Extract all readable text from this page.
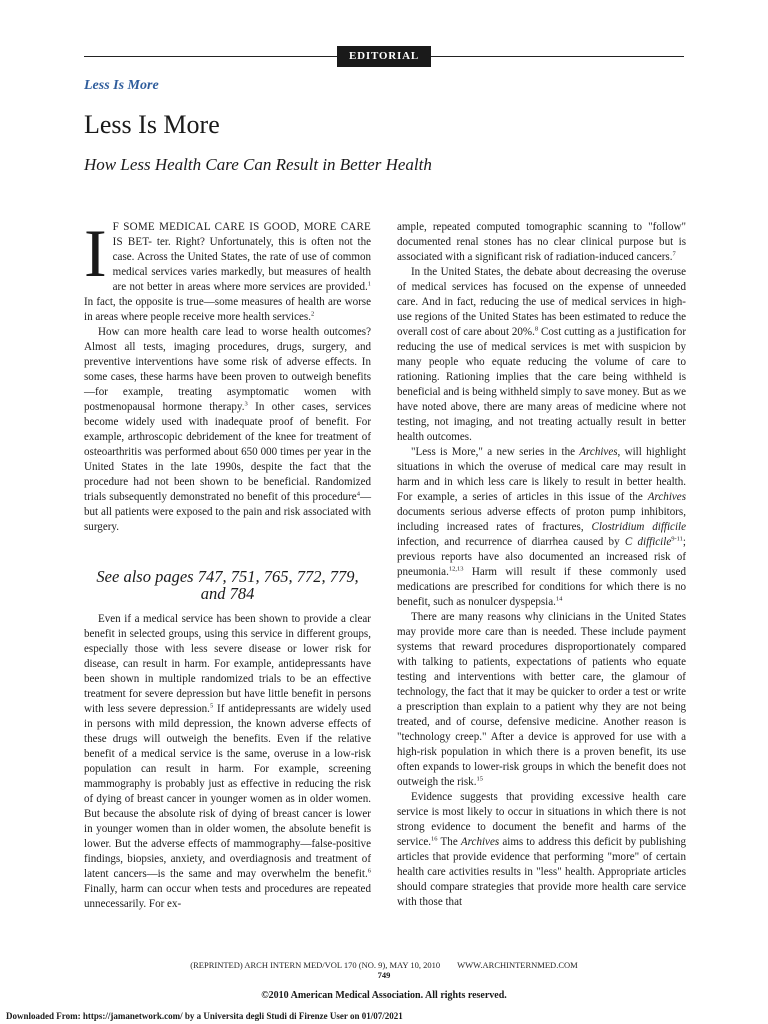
EDITORIAL
Less Is More
Less Is More
How Less Health Care Can Result in Better Health

I F SOME MEDICAL CARE IS GOOD, MORE CARE IS BET- ter. Right? Unfortunately, this is often not the case. Across the United States, the rate of use of common medical services varies markedly, but measures of health are not better in areas where more services are provided.$^1$ In fact, the opposite is true—some measures of health are worse in areas where people receive more health services.$^2$

How can more health care lead to worse health outcomes? Almost all tests, imaging procedures, drugs, surgery, and preventive interventions have some risk of adverse effects. In some cases, these harms have been proven to outweigh benefits—for example, treating asymptomatic women with postmenopausal hormone therapy.$^3$ In other cases, services become widely used with inadequate proof of benefit. For example, arthroscopic debridement of the knee for treatment of osteoarthritis was performed about 650 000 times per year in the United States in the late 1990s, despite the fact that the procedure had not been shown to be beneficial. Randomized trials subsequently demonstrated no benefit of this procedure$^4$—but all patients were exposed to the pain and risk associated with surgery.

See also pages 747, 751, 765, 772, 779, and 784

Even if a medical service has been shown to provide a clear benefit in selected groups, using this service in different groups, especially those with less severe disease or lower risk for disease, can result in harm. For example, antidepressants have been shown in multiple randomized trials to be an effective treatment for severe depression but have little benefit in persons with less severe depression.$^5$ If antidepressants are widely used in persons with mild depression, the known adverse effects of these drugs will outweigh the benefits. Even if the relative benefit of a medical service is the same, overuse in a low-risk population can result in harm. For example, screening mammography is probably just as effective in reducing the risk of dying of breast cancer in younger women as in older women. But because the absolute risk of dying of breast cancer is lower in younger women than in older women, the absolute benefit is lower. But the adverse effects of mammography—false-positive findings, biopsies, anxiety, and overdiagnosis and treatment of latent cancers—is the same and may overwhelm the benefit.$^6$ Finally, harm can occur when tests and procedures are repeated unnecessarily. For ex-

ample, repeated computed tomographic scanning to "follow" documented renal stones has no clear clinical purpose but is associated with a significant risk of radiation-induced cancers.$^7$

In the United States, the debate about decreasing the overuse of medical services has focused on the expense of unneeded care. And in fact, reducing the use of medical services in high-use regions of the United States has been estimated to reduce the overall cost of care about 20%.$^8$ Cost cutting as a justification for reducing the use of medical services is met with suspicion by many people who equate reducing the volume of care to rationing. Rationing implies that the care being withheld is beneficial and is being withheld simply to save money. But as we have noted above, there are many areas of medicine where not testing, not imaging, and not treating actually result in better health outcomes.

"Less is More," a new series in the Archives, will highlight situations in which the overuse of medical care may result in harm and in which less care is likely to result in better health. For example, a series of articles in this issue of the Archives documents serious adverse effects of proton pump inhibitors, including increased rates of fractures, Clostridium difficile infection, and recurrence of diarrhea caused by C difficile$^{9-11}$; previous reports have also documented an increased risk of pneumonia.$^{12,13}$ Harm will result if these commonly used medications are prescribed for conditions for which there is no benefit, such as nonulcer dyspepsia.$^{14}$

There are many reasons why clinicians in the United States may provide more care than is needed. These include payment systems that reward procedures disproportionately compared with talking to patients, expectations of patients who equate testing and interventions with better care, the glamour of technology, the fact that it may be quicker to order a test or write a prescription than explain to a patient why they are not being treated, and of course, defensive medicine. Another reason is "technology creep." After a device is approved for use with a high-risk population in which there is a proven benefit, its use often expands to lower-risk groups in which the benefit does not outweigh the risk.$^{15}$

Evidence suggests that providing excessive health care service is most likely to occur in situations in which there is not strong evidence to document the benefit and harms of the service.$^{16}$ The Archives aims to address this deficit by publishing articles that provide evidence that performing "more" of certain health care activities results in "less" health. Appropriate articles should compare strategies that provide more health care service with those that

(REPRINTED) ARCH INTERN MED/VOL 170 (NO. 9), MAY 10, 2010 WWW.ARCHINTERNMED.COM
749
©2010 American Medical Association. All rights reserved.
Downloaded From: https://jamanetwork.com/ by a Universita degli Studi di Firenze User on 01/07/2021
